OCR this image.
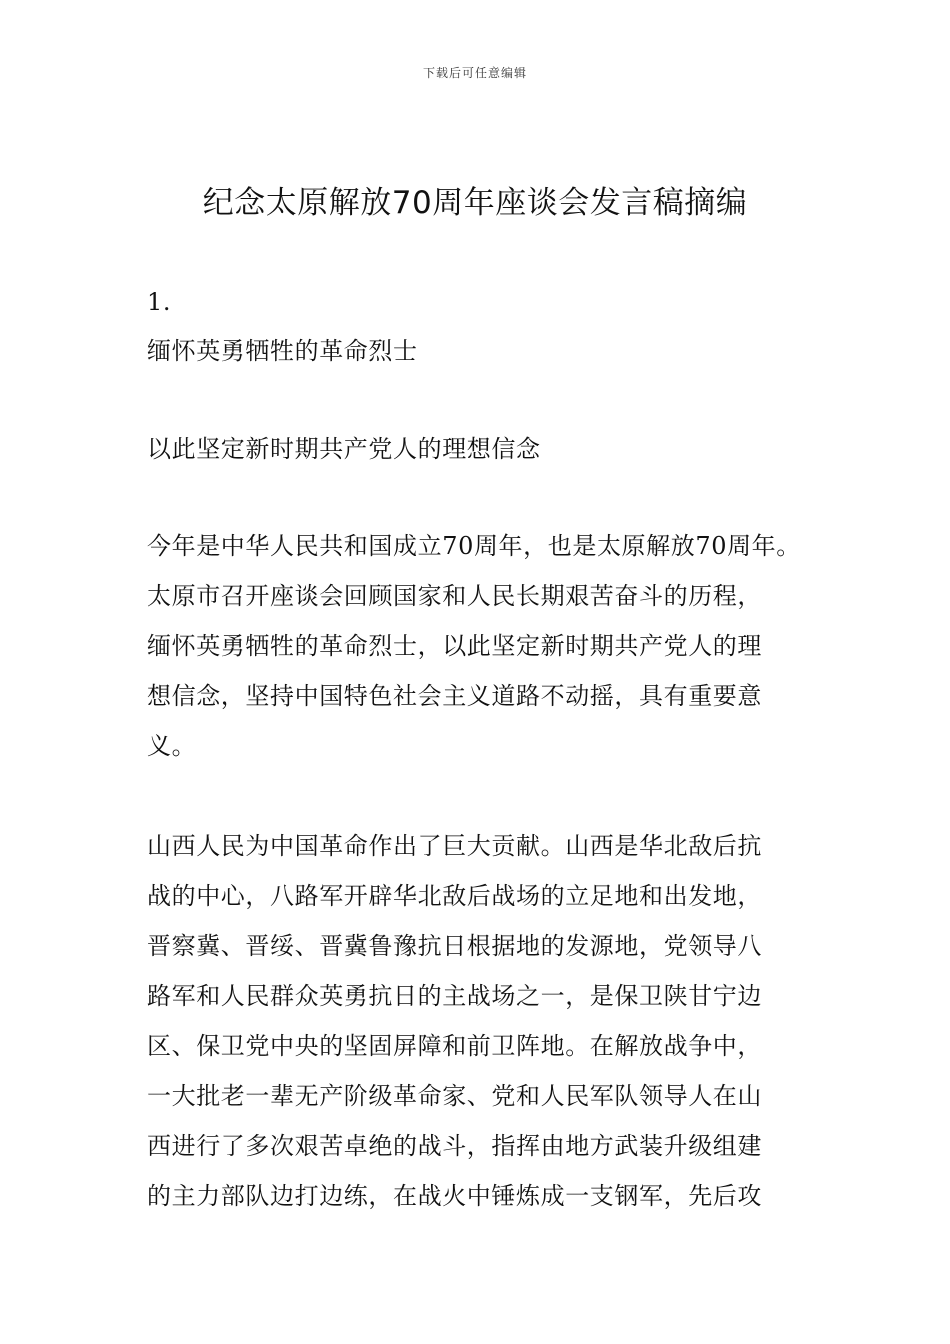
下载后可任意编辑
纪念太原解放70周年座谈会发言稿摘编
1.
缅怀英勇牺牲的革命烈士
以此坚定新时期共产党人的理想信念
今年是中华人民共和国成立70周年，也是太原解放70周年。
太原市召开座谈会回顾国家和人民长期艰苦奋斗的历程，
缅怀英勇牺牲的革命烈士，以此坚定新时期共产党人的理
想信念，坚持中国特色社会主义道路不动摇，具有重要意
义。
山西人民为中国革命作出了巨大贡献。山西是华北敌后抗
战的中心，八路军开辟华北敌后战场的立足地和出发地，
晋察冀、晋绥、晋冀鲁豫抗日根据地的发源地，党领导八
路军和人民群众英勇抗日的主战场之一，是保卫陕甘宁边
区、保卫党中央的坚固屏障和前卫阵地。在解放战争中，
一大批老一辈无产阶级革命家、党和人民军队领导人在山
西进行了多次艰苦卓绝的战斗，指挥由地方武装升级组建
的主力部队边打边练，在战火中锤炼成一支钢军，先后攻
